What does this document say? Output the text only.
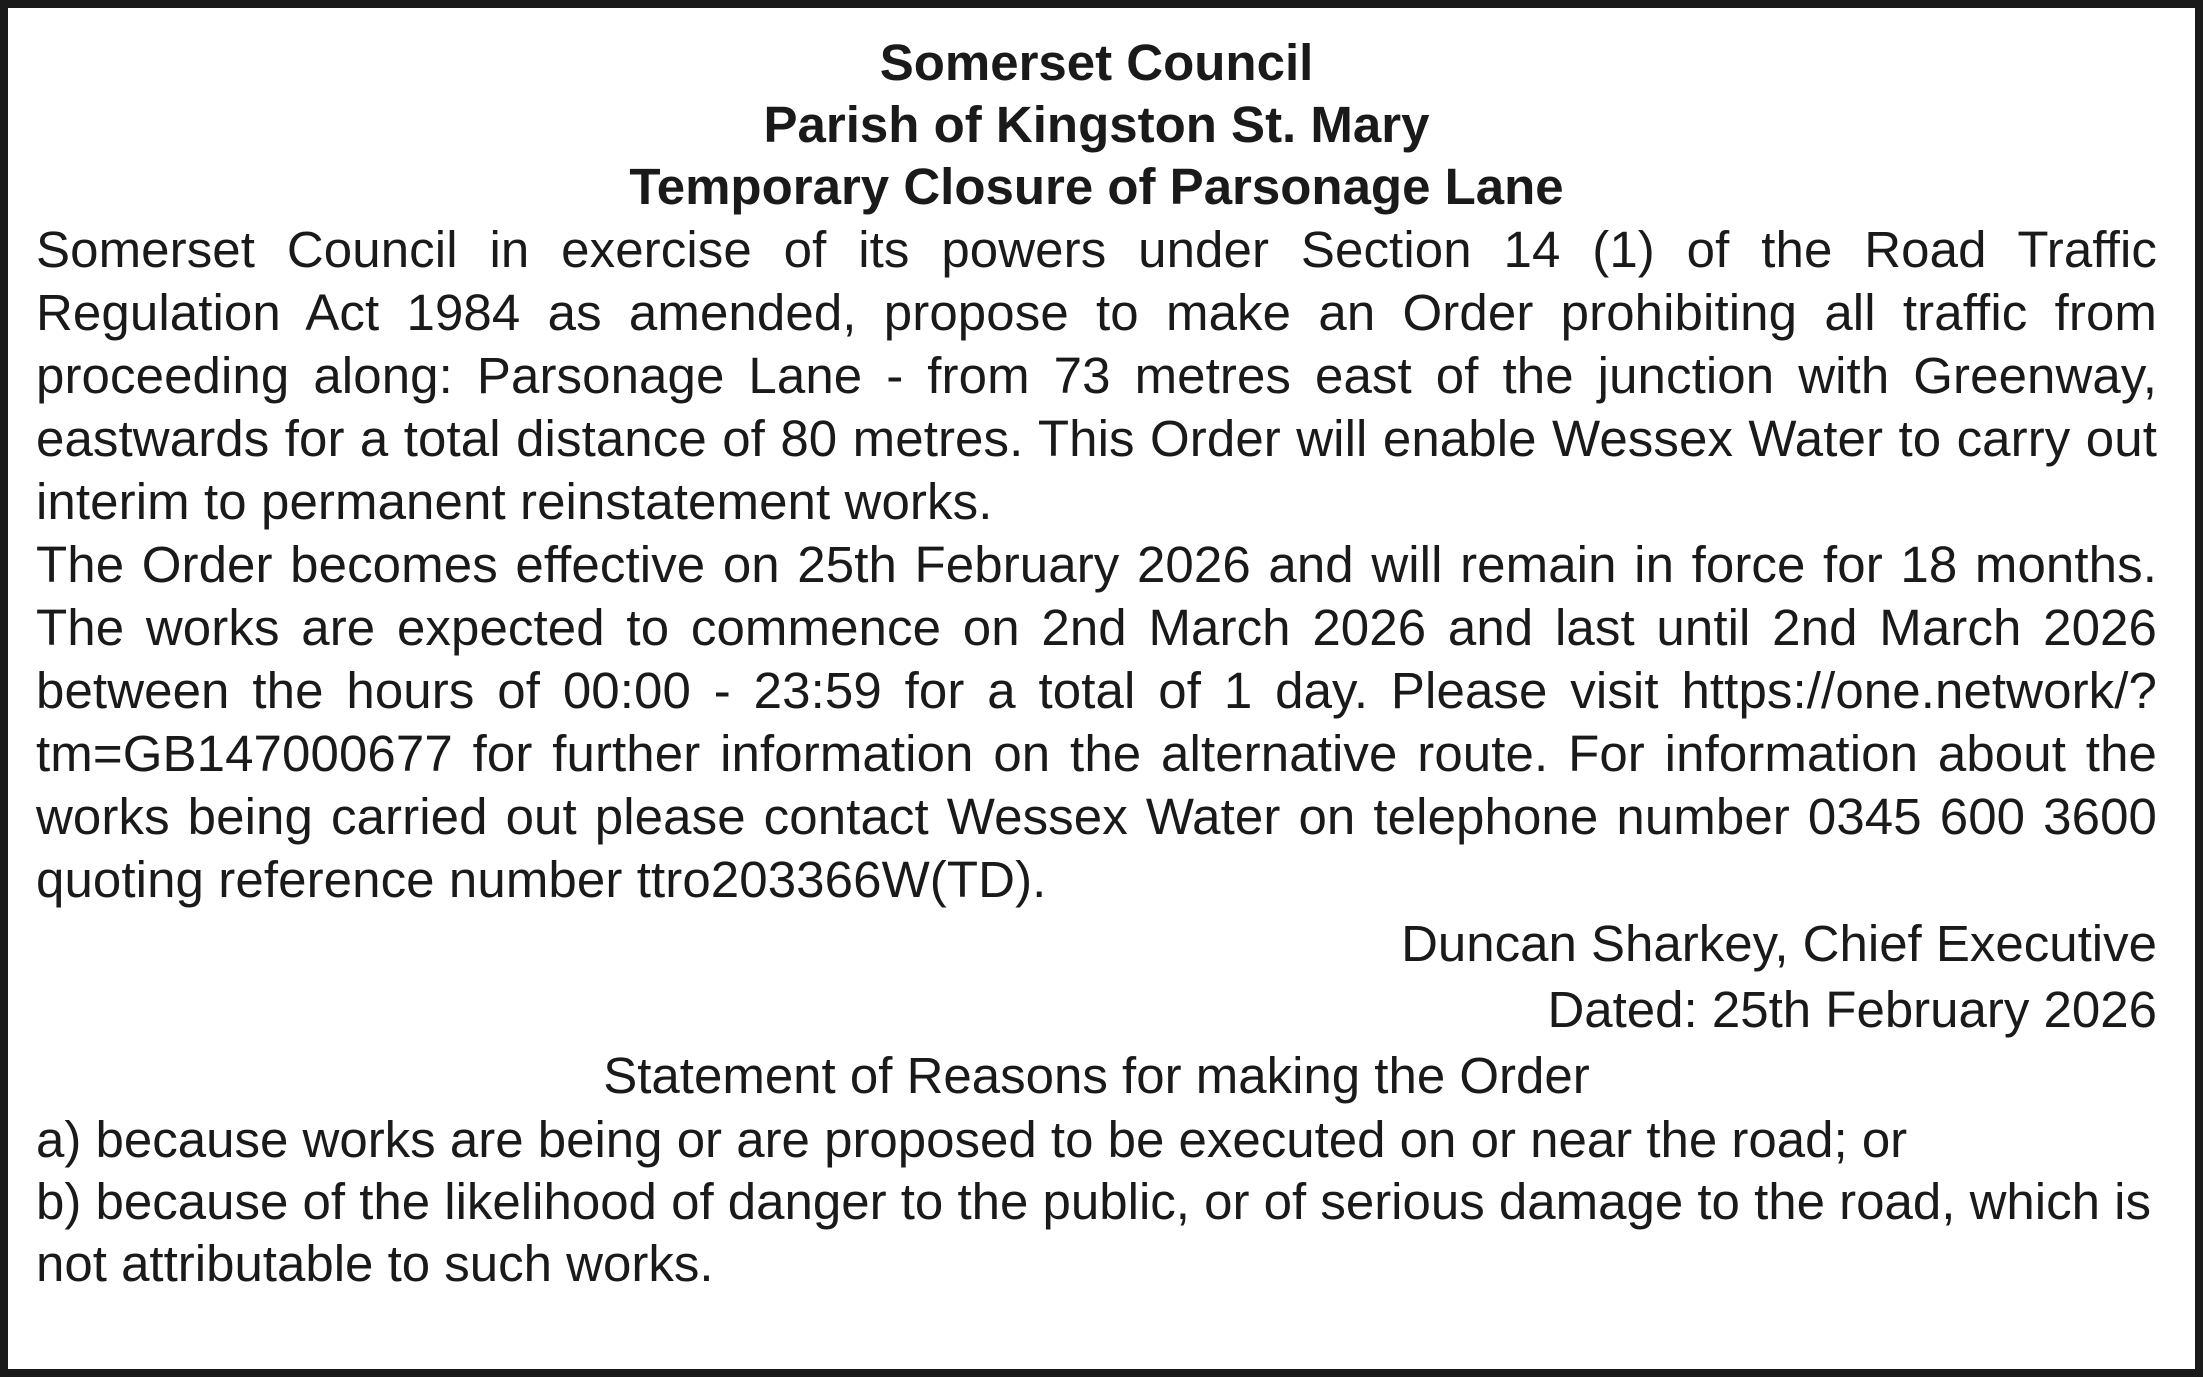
Somerset Council

Parish of Kingston St. Mary

Temporary Closure of Parsonage Lane

Somerset Council in exercise of its powers under Section 14 (1) of the Road Traffic Regulation Act 1984 as amended, propose to make an Order prohibiting all traffic from proceeding along: Parsonage Lane - from 73 metres east of the junction with Greenway, eastwards for a total distance of 80 metres. This Order will enable Wessex Water to carry out interim to permanent reinstatement works.

The Order becomes effective on 25th February 2026 and will remain in force for 18 months. The works are expected to commence on 2nd March 2026 and last until 2nd March 2026 between the hours of 00:00 - 23:59 for a total of 1 day. Please visit https://one.network/?tm=GB147000677 for further information on the alternative route. For information about the works being carried out please contact Wessex Water on telephone number 0345 600 3600 quoting reference number ttro203366W(TD).

Duncan Sharkey, Chief Executive

Dated: 25th February 2026

Statement of Reasons for making the Order

a) because works are being or are proposed to be executed on or near the road; or

b) because of the likelihood of danger to the public, or of serious damage to the road, which is not attributable to such works.
